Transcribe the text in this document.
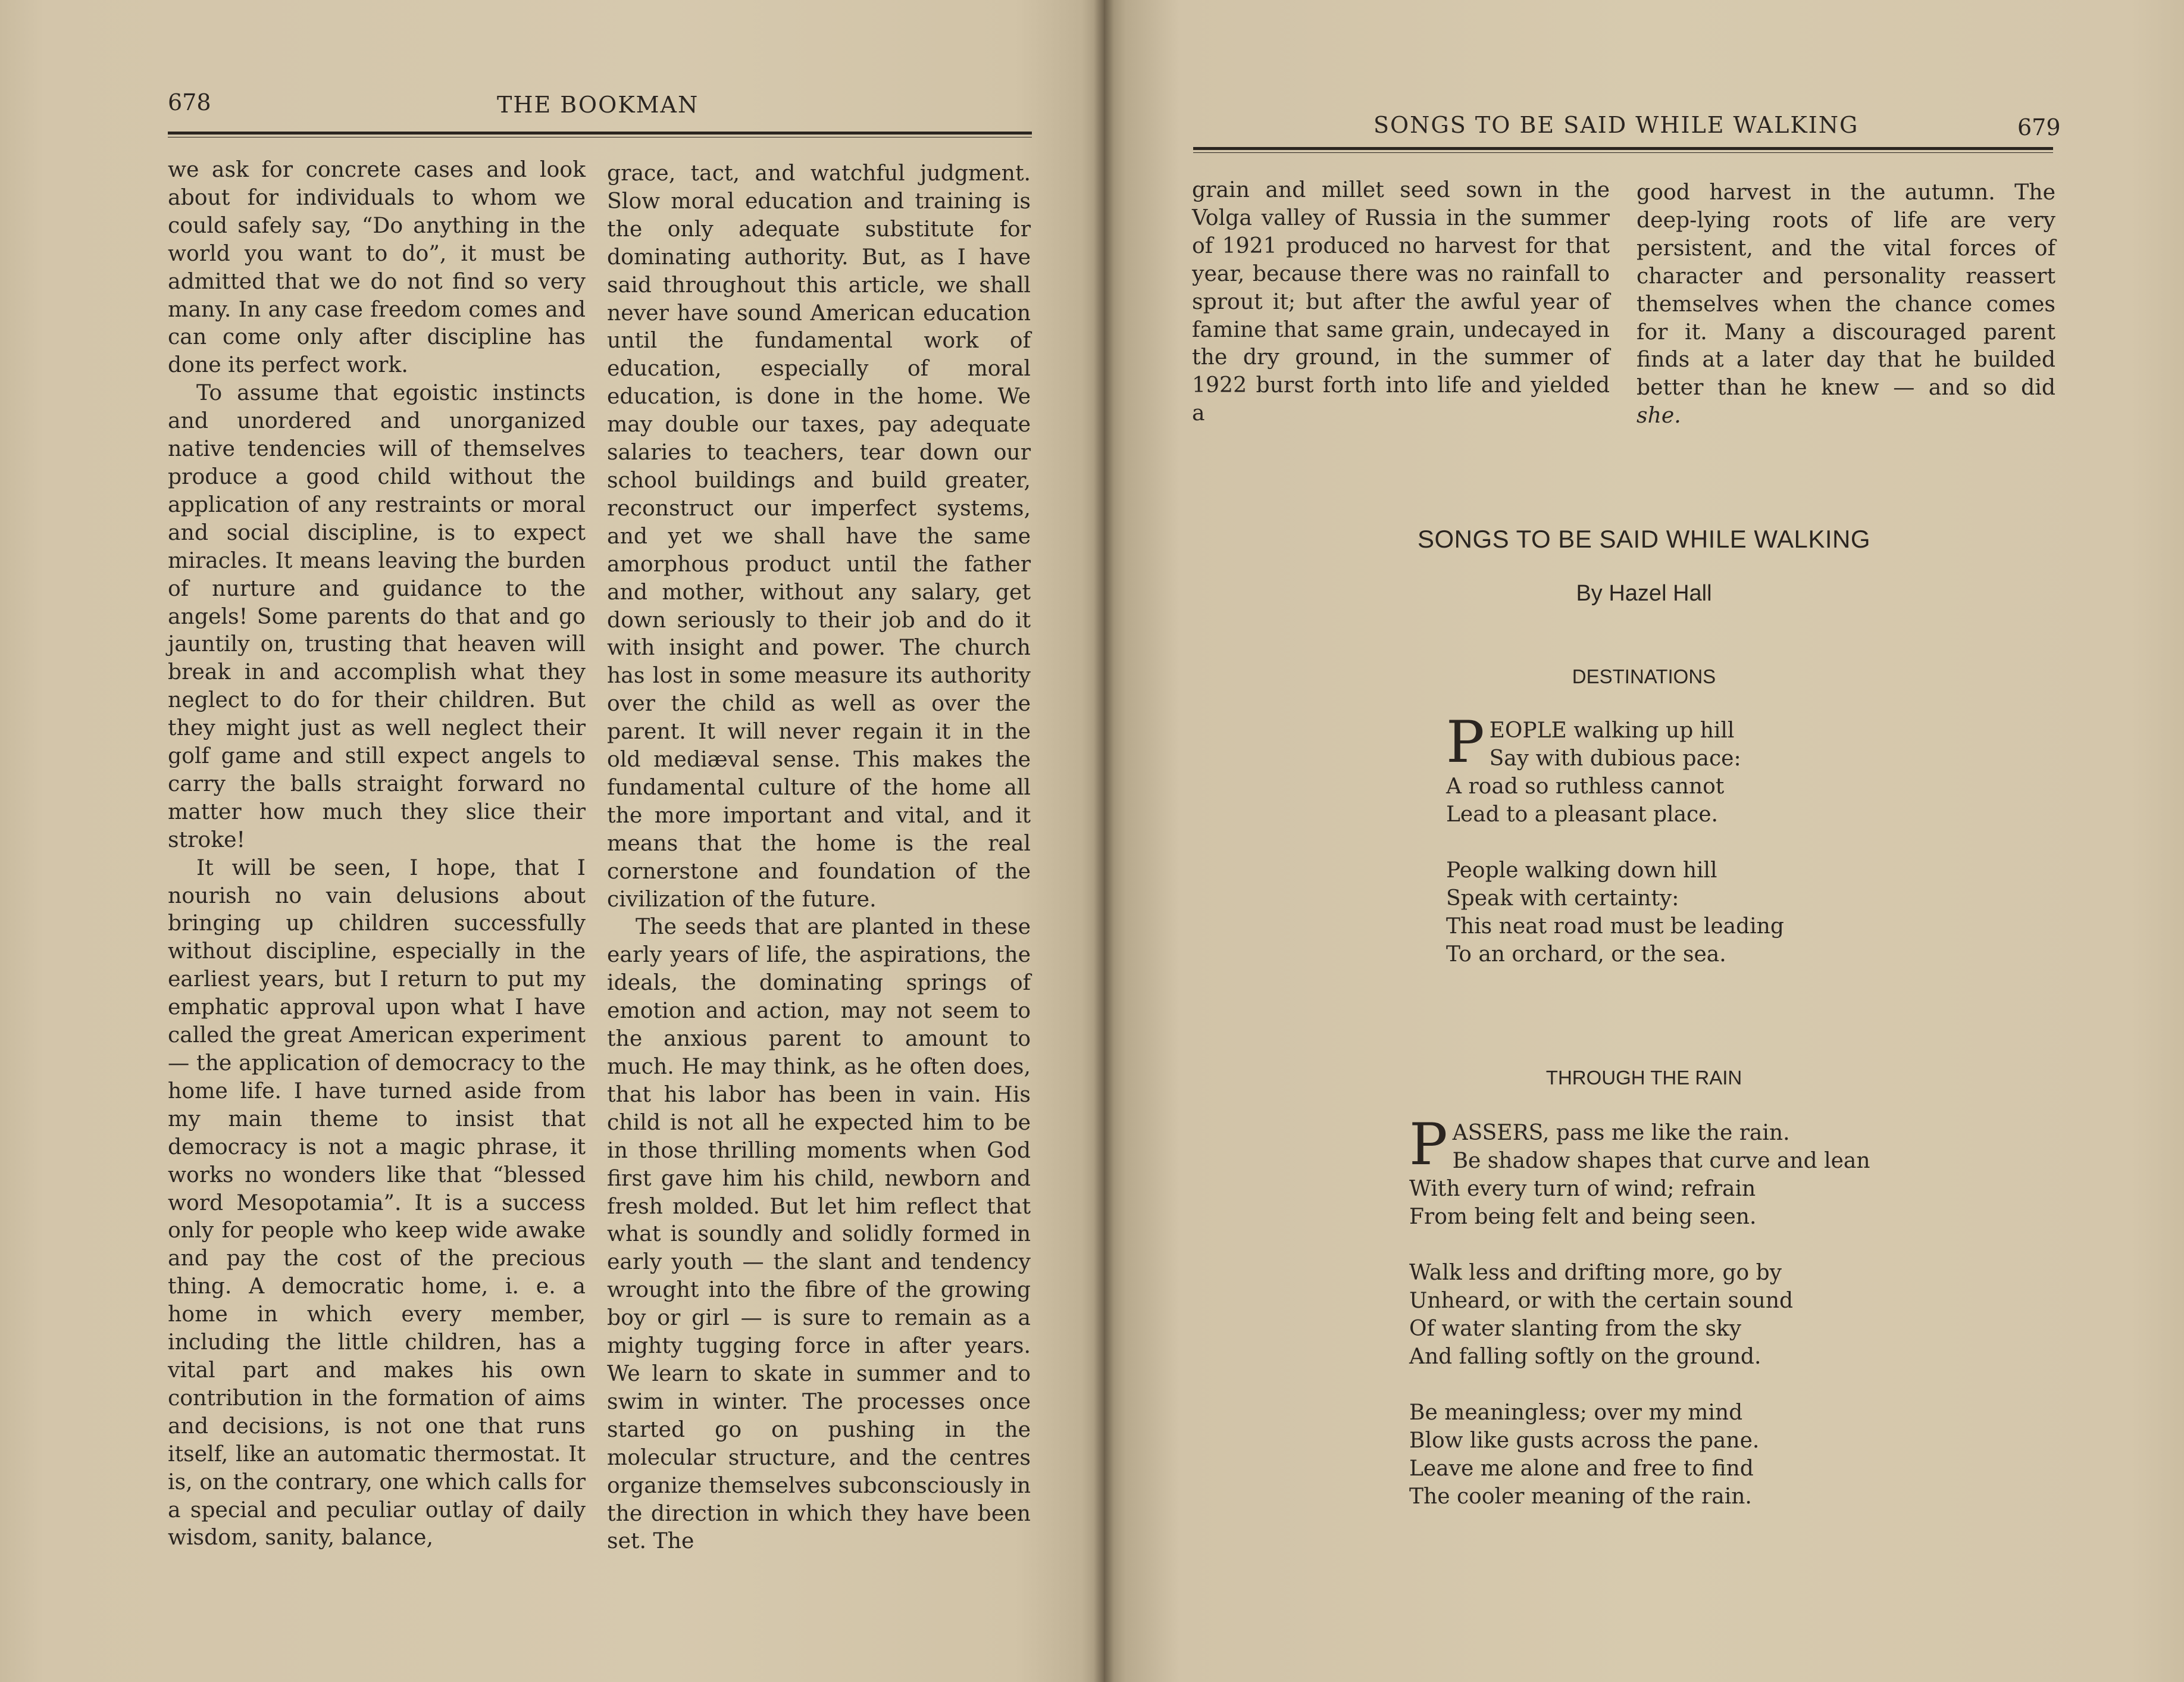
678	THE BOOKMAN

we ask for concrete cases and look about for individuals to whom we could safely say, “Do anything in the world you want to do”, it must be admitted that we do not find so very many. In any case freedom comes and can come only after discipline has done its perfect work.

To assume that egoistic instincts and unordered and unorganized native tendencies will of themselves produce a good child without the application of any restraints or moral and social discipline, is to expect miracles. It means leaving the burden of nurture and guidance to the angels! Some parents do that and go jauntily on, trusting that heaven will break in and accomplish what they neglect to do for their children. But they might just as well neglect their golf game and still expect angels to carry the balls straight forward no matter how much they slice their stroke!

It will be seen, I hope, that I nourish no vain delusions about bringing up children successfully without discipline, especially in the earliest years, but I return to put my emphatic approval upon what I have called the great American experiment — the application of democracy to the home life. I have turned aside from my main theme to insist that democracy is not a magic phrase, it works no wonders like that “blessed word Mesopotamia”. It is a success only for people who keep wide awake and pay the cost of the precious thing. A democratic home, i. e. a home in which every member, including the little children, has a vital part and makes his own contribution in the formation of aims and decisions, is not one that runs itself, like an automatic thermostat. It is, on the contrary, one which calls for a special and peculiar outlay of daily wisdom, sanity, balance,

grace, tact, and watchful judgment. Slow moral education and training is the only adequate substitute for dominating authority. But, as I have said throughout this article, we shall never have sound American education until the fundamental work of education, especially of moral education, is done in the home. We may double our taxes, pay adequate salaries to teachers, tear down our school buildings and build greater, reconstruct our imperfect systems, and yet we shall have the same amorphous product until the father and mother, without any salary, get down seriously to their job and do it with insight and power. The church has lost in some measure its authority over the child as well as over the parent. It will never regain it in the old mediæval sense. This makes the fundamental culture of the home all the more important and vital, and it means that the home is the real cornerstone and foundation of the civilization of the future.

The seeds that are planted in these early years of life, the aspirations, the ideals, the dominating springs of emotion and action, may not seem to the anxious parent to amount to much. He may think, as he often does, that his labor has been in vain. His child is not all he expected him to be in those thrilling moments when God first gave him his child, newborn and fresh molded. But let him reflect that what is soundly and solidly formed in early youth — the slant and tendency wrought into the fibre of the growing boy or girl — is sure to remain as a mighty tugging force in after years. We learn to skate in summer and to swim in winter. The processes once started go on pushing in the molecular structure, and the centres organize themselves subconsciously in the direction in which they have been set. The

SONGS TO BE SAID WHILE WALKING	679

grain and millet seed sown in the Volga valley of Russia in the summer of 1921 produced no harvest for that year, because there was no rainfall to sprout it; but after the awful year of famine that same grain, undecayed in the dry ground, in the summer of 1922 burst forth into life and yielded a

good harvest in the autumn. The deep-lying roots of life are very persistent, and the vital forces of character and personality reassert themselves when the chance comes for it. Many a discouraged parent finds at a later day that he builded better than he knew — and so did she.

SONGS TO BE SAID WHILE WALKING
By Hazel Hall
DESTINATIONS
P EOPLE walking up hill
Say with dubious pace:
A road so ruthless cannot
Lead to a pleasant place.
People walking down hill
Speak with certainty:
This neat road must be leading
To an orchard, or the sea.
THROUGH THE RAIN
P ASSERS, pass me like the rain.
Be shadow shapes that curve and lean
With every turn of wind; refrain
From being felt and being seen.
Walk less and drifting more, go by
Unheard, or with the certain sound
Of water slanting from the sky
And falling softly on the ground.
Be meaningless; over my mind
Blow like gusts across the pane.
Leave me alone and free to find
The cooler meaning of the rain.
